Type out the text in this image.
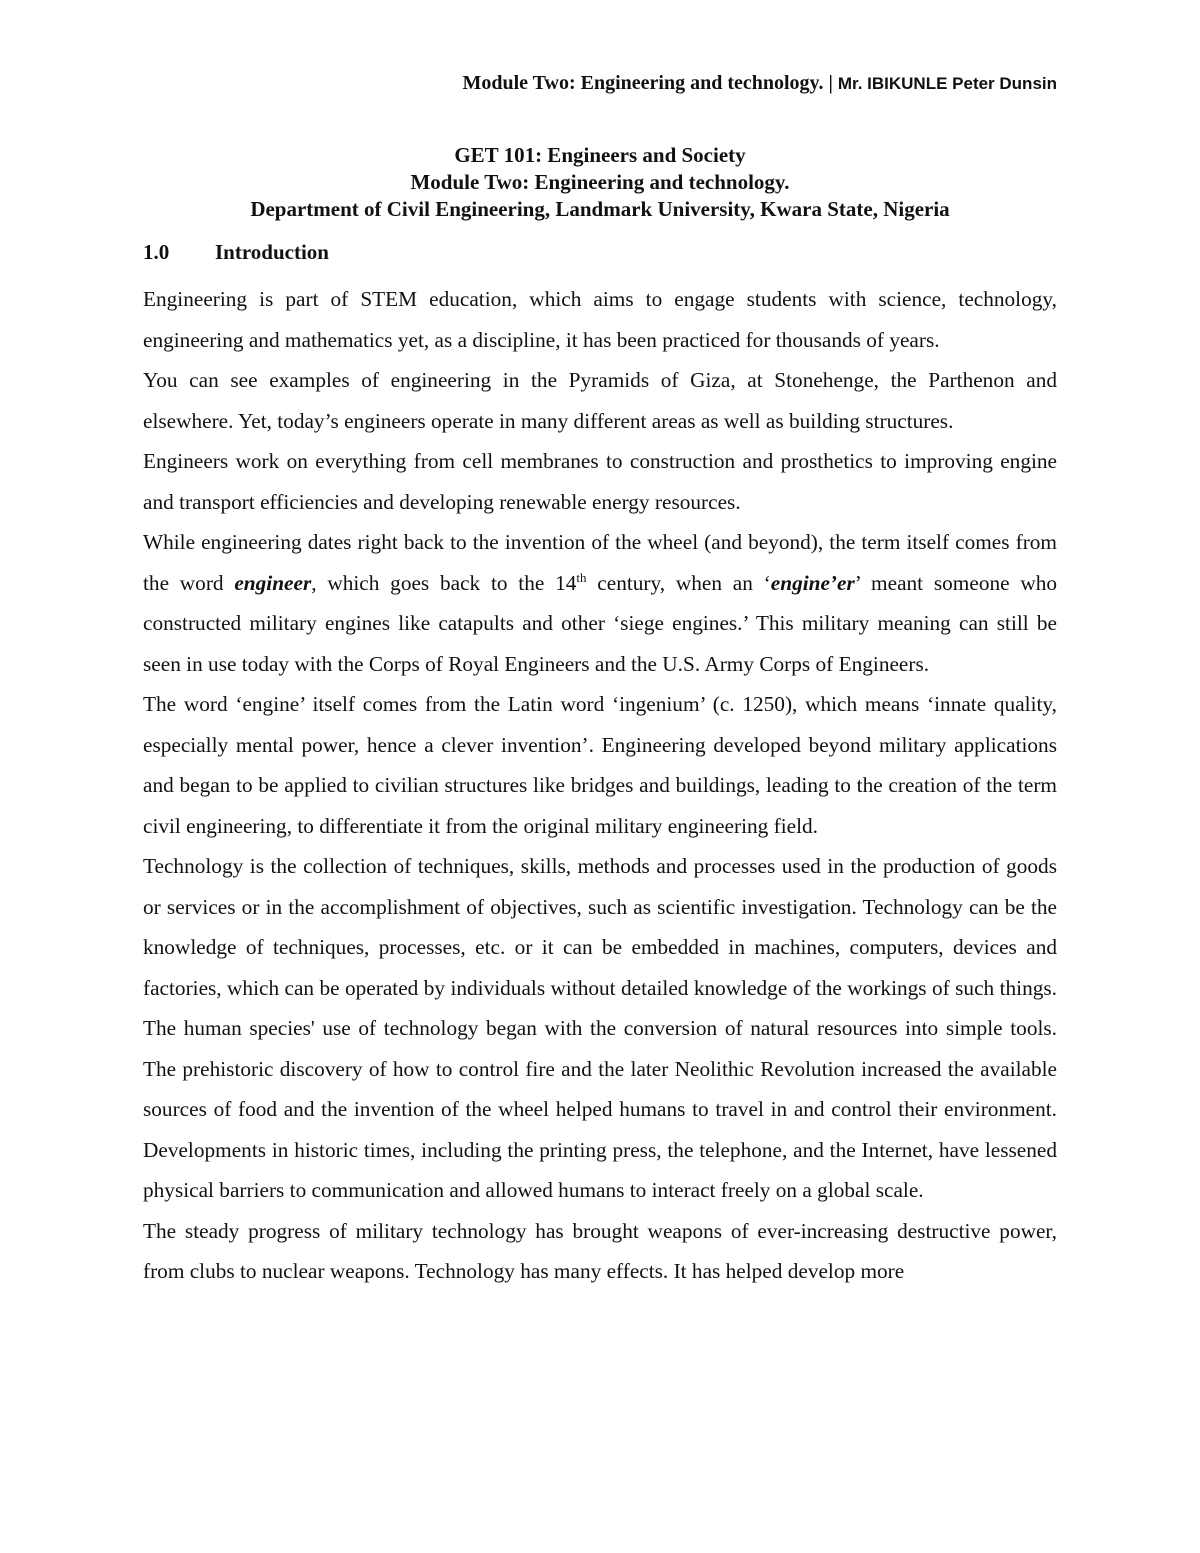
Module Two: Engineering and technology. | Mr. IBIKUNLE Peter Dunsin
GET 101: Engineers and Society
Module Two: Engineering and technology.
Department of Civil Engineering, Landmark University, Kwara State, Nigeria
1.0 Introduction

Engineering is part of STEM education, which aims to engage students with science, technology, engineering and mathematics yet, as a discipline, it has been practiced for thousands of years.

You can see examples of engineering in the Pyramids of Giza, at Stonehenge, the Parthenon and elsewhere. Yet, today’s engineers operate in many different areas as well as building structures.

Engineers work on everything from cell membranes to construction and prosthetics to improving engine and transport efficiencies and developing renewable energy resources.

While engineering dates right back to the invention of the wheel (and beyond), the term itself comes from the word engineer, which goes back to the 14th century, when an ‘engine’er’ meant someone who constructed military engines like catapults and other ‘siege engines.’ This military meaning can still be seen in use today with the Corps of Royal Engineers and the U.S. Army Corps of Engineers.

The word ‘engine’ itself comes from the Latin word ‘ingenium’ (c. 1250), which means ‘innate quality, especially mental power, hence a clever invention’. Engineering developed beyond military applications and began to be applied to civilian structures like bridges and buildings, leading to the creation of the term civil engineering, to differentiate it from the original military engineering field.

Technology is the collection of techniques, skills, methods and processes used in the production of goods or services or in the accomplishment of objectives, such as scientific investigation. Technology can be the knowledge of techniques, processes, etc. or it can be embedded in machines, computers, devices and factories, which can be operated by individuals without detailed knowledge of the workings of such things. The human species' use of technology began with the conversion of natural resources into simple tools. The prehistoric discovery of how to control fire and the later Neolithic Revolution increased the available sources of food and the invention of the wheel helped humans to travel in and control their environment. Developments in historic times, including the printing press, the telephone, and the Internet, have lessened physical barriers to communication and allowed humans to interact freely on a global scale.

The steady progress of military technology has brought weapons of ever-increasing destructive power, from clubs to nuclear weapons. Technology has many effects. It has helped develop more
